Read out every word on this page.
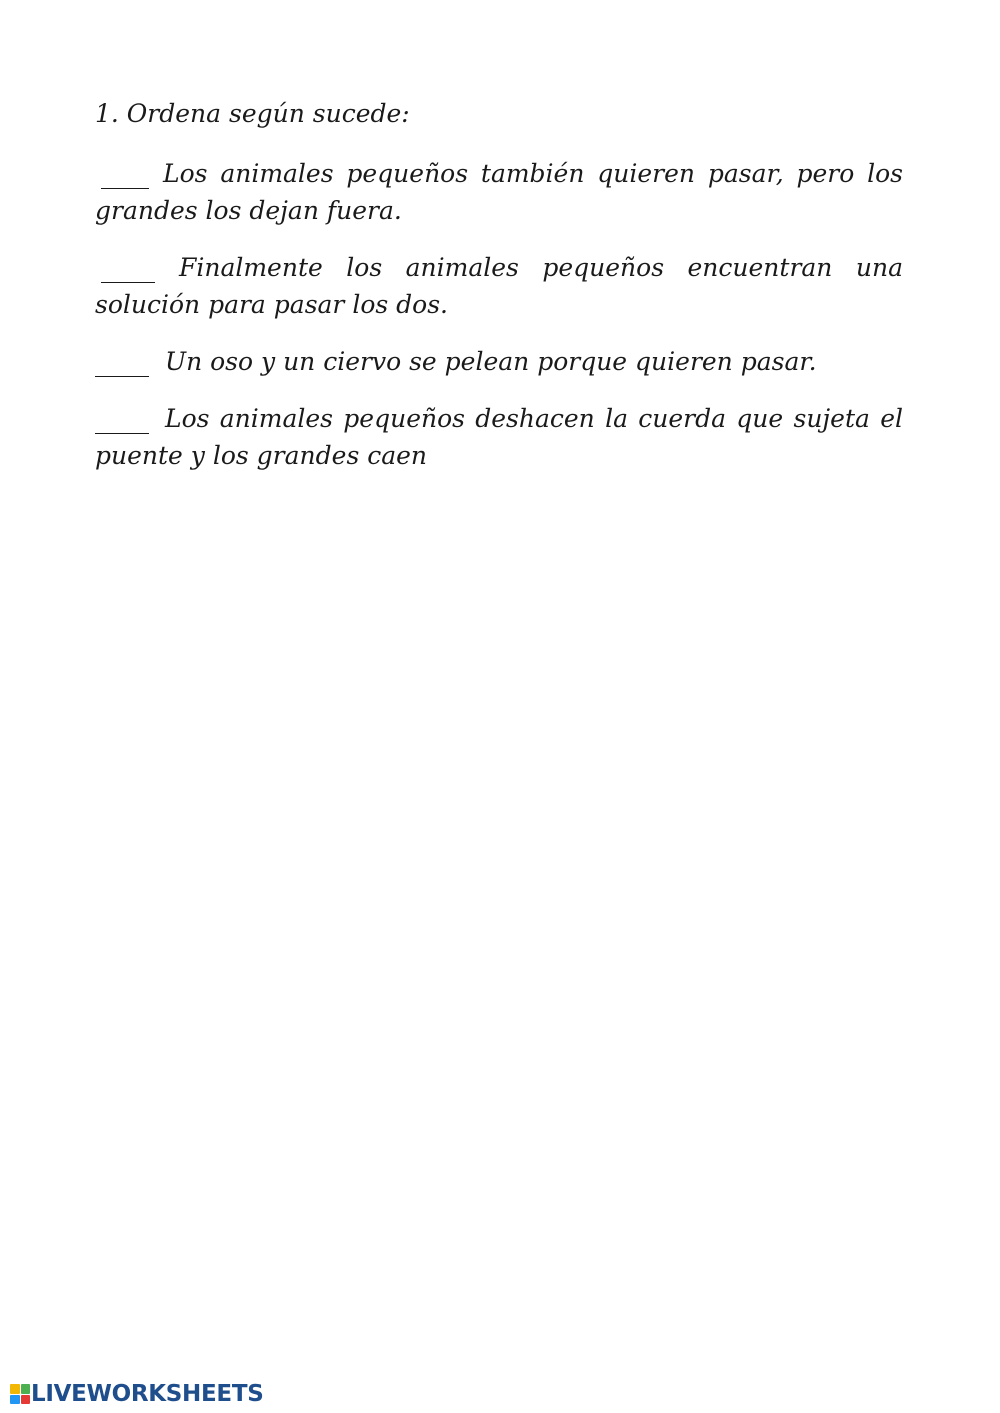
1. Ordena según sucede:

Los animales pequeños también quieren pasar, pero los grandes los dejan fuera.

Finalmente los animales pequeños encuentran una solución para pasar los dos.

Un oso y un ciervo se pelean porque quieren pasar.

Los animales pequeños deshacen la cuerda que sujeta el puente y los grandes caen

LIVEWORKSHEETS
